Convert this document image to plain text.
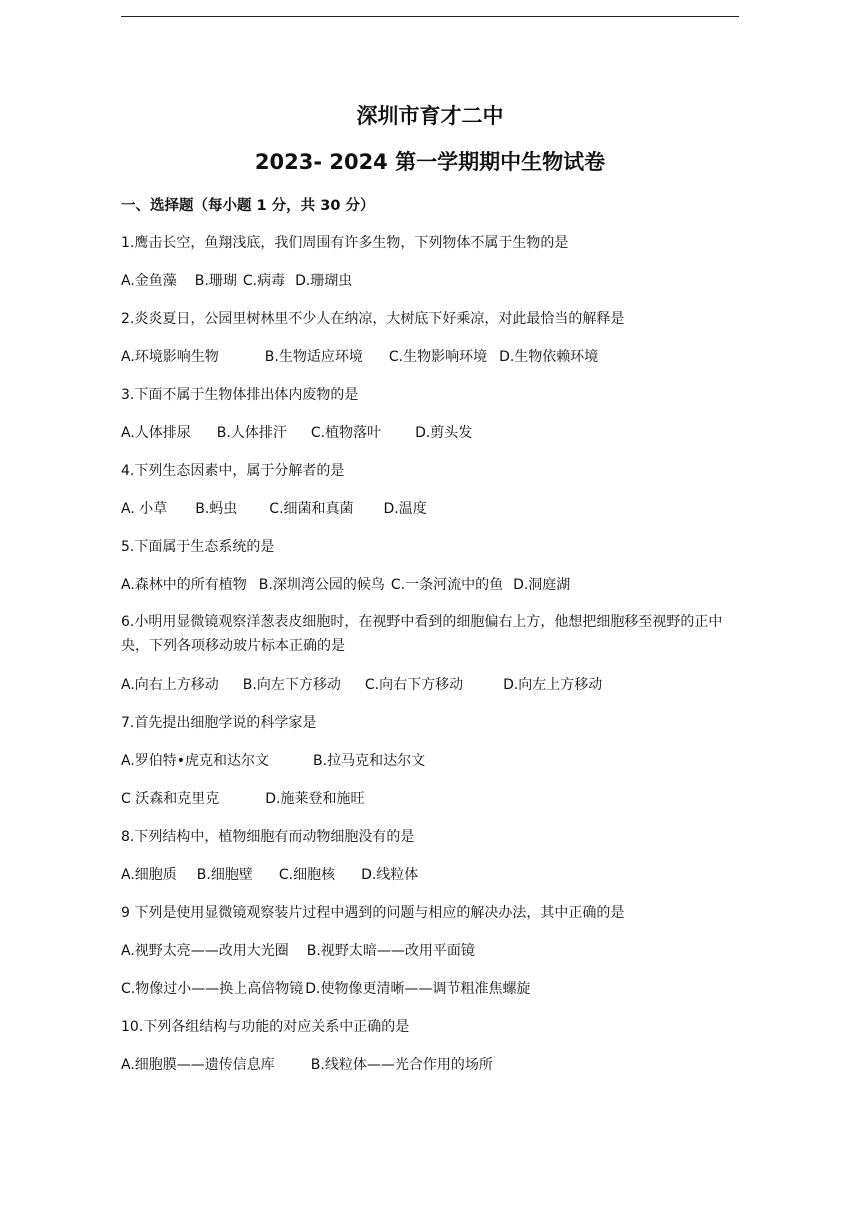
深圳市育才二中
2023- 2024 第一学期期中生物试卷
一、选择题（每小题 1 分，共 30 分）
1.鹰击长空，鱼翔浅底，我们周围有许多生物，下列物体不属于生物的是
A.金鱼藻 B.珊瑚 C.病毒 D.珊瑚虫
2.炎炎夏日，公园里树林里不少人在纳凉，大树底下好乘凉，对此最恰当的解释是
A.环境影响生物	B.生物适应环境 C.生物影响环境 D.生物依赖环境
3.下面不属于生物体排出体内废物的是
A.人体排尿 B.人体排汗 C.植物落叶 D.剪头发
4.下列生态因素中，属于分解者的是
A. 小草 B.蚂虫 C.细菌和真菌 D.温度
5.下面属于生态系统的是
A.森林中的所有植物 B.深圳湾公园的候鸟 C.一条河流中的鱼 D.洞庭湖
6.小明用显微镜观察洋葱表皮细胞时，在视野中看到的细胞偏右上方，他想把细胞移至视野的正中央，下列各项移动玻片标本正确的是
A.向右上方移动 B.向左下方移动 C.向右下方移动	D.向左上方移动
7.首先提出细胞学说的科学家是
A.罗伯特•虎克和达尔文	B.拉马克和达尔文
C 沃森和克里克	D.施莱登和施旺
8.下列结构中，植物细胞有而动物细胞没有的是
A.细胞质 B.细胞壁 C.细胞核 D.线粒体
9 下列是使用显微镜观察装片过程中遇到的问题与相应的解决办法，其中正确的是
A.视野太亮——改用大光圈 B.视野太暗——改用平面镜
C.物像过小——换上高倍物镜 D.使物像更清晰——调节粗准焦螺旋
10.下列各组结构与功能的对应关系中正确的是
A.细胞膜——遗传信息库	B.线粒体——光合作用的场所
